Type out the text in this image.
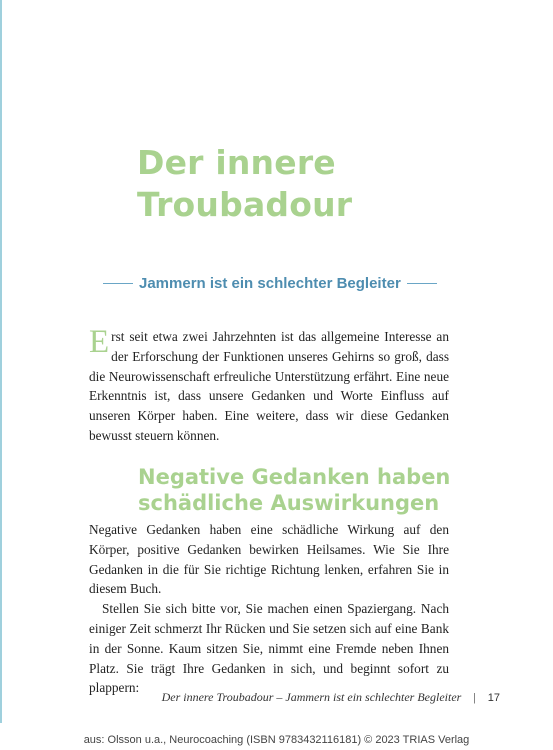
Der innere
Troubadour
Jammern ist ein schlechter Begleiter
Erst seit etwa zwei Jahrzehnten ist das allgemeine Interesse an der Erforschung der Funktionen unseres Gehirns so groß, dass die Neurowissenschaft erfreuliche Unterstützung erfährt. Eine neue Erkenntnis ist, dass unsere Gedanken und Worte Einfluss auf unseren Körper haben. Eine weitere, dass wir diese Gedanken bewusst steuern können.
Negative Gedanken haben
schädliche Auswirkungen

Negative Gedanken haben eine schädliche Wirkung auf den Körper, positive Gedanken bewirken Heilsames. Wie Sie Ihre Gedanken in die für Sie richtige Richtung lenken, erfahren Sie in diesem Buch.

Stellen Sie sich bitte vor, Sie machen einen Spaziergang. Nach einiger Zeit schmerzt Ihr Rücken und Sie setzen sich auf eine Bank in der Sonne. Kaum sitzen Sie, nimmt eine Fremde neben Ihnen Platz. Sie trägt Ihre Gedanken in sich, und beginnt sofort zu plappern:

Der innere Troubadour – Jammern ist ein schlechter Begleiter | 17
aus: Olsson u.a., Neurocoaching (ISBN 9783432116181) © 2023 TRIAS Verlag
